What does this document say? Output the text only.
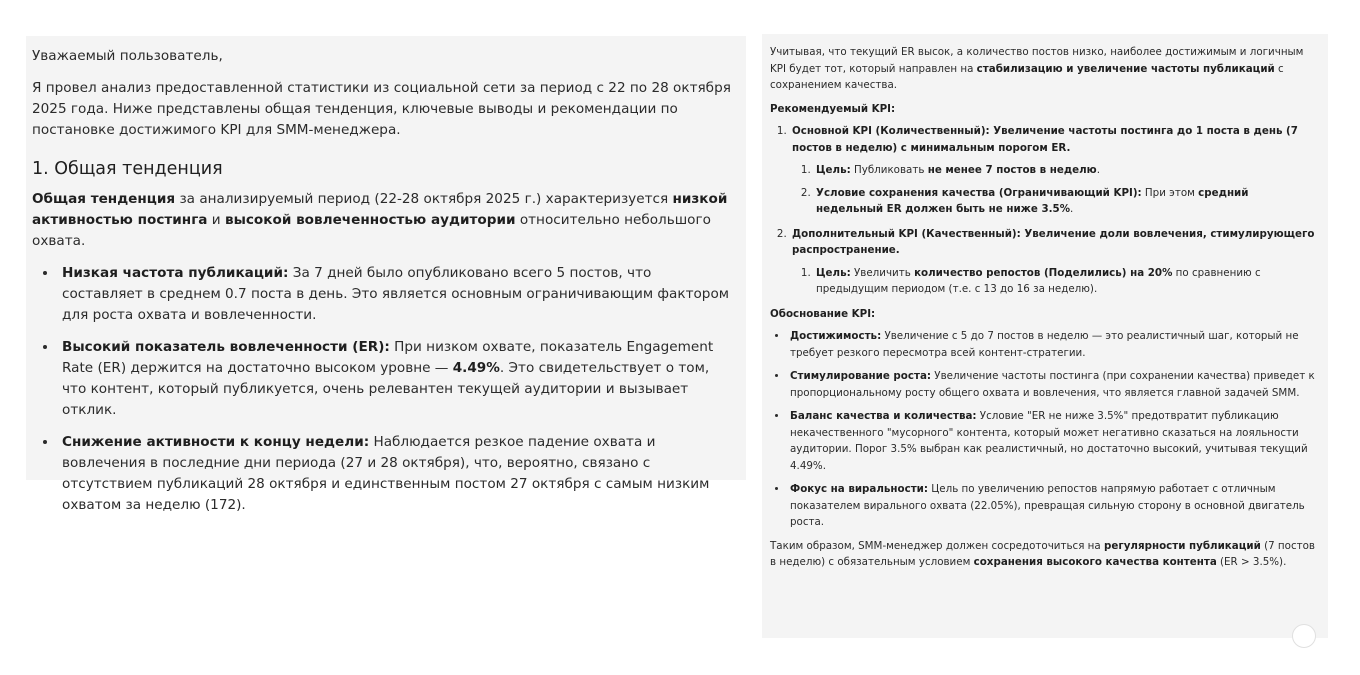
Уважаемый пользователь,

Я провел анализ предоставленной статистики из социальной сети за период с 22 по 28 октября 2025 года. Ниже представлены общая тенденция, ключевые выводы и рекомендации по постановке достижимого KPI для SMM-менеджера.

1. Общая тенденция

Общая тенденция за анализируемый период (22-28 октября 2025 г.) характеризуется низкой активностью постинга и высокой вовлеченностью аудитории относительно небольшого охвата.

• Низкая частота публикаций: За 7 дней было опубликовано всего 5 постов, что составляет в среднем 0.7 поста в день. Это является основным ограничивающим фактором для роста охвата и вовлеченности.
• Высокий показатель вовлеченности (ER): При низком охвате, показатель Engagement Rate (ER) держится на достаточно высоком уровне — 4.49%. Это свидетельствует о том, что контент, который публикуется, очень релевантен текущей аудитории и вызывает отклик.
• Снижение активности к концу недели: Наблюдается резкое падение охвата и вовлечения в последние дни периода (27 и 28 октября), что, вероятно, связано с отсутствием публикаций 28 октября и единственным постом 27 октября с самым низким охватом за неделю (172).

Учитывая, что текущий ER высок, а количество постов низко, наиболее достижимым и логичным KPI будет тот, который направлен на стабилизацию и увеличение частоты публикаций с сохранением качества.

Рекомендуемый KPI:

1. Основной KPI (Количественный): Увеличение частоты постинга до 1 поста в день (7 постов в неделю) с минимальным порогом ER.
1. Цель: Публиковать не менее 7 постов в неделю.
2. Условие сохранения качества (Ограничивающий KPI): При этом средний недельный ER должен быть не ниже 3.5%.
2. Дополнительный KPI (Качественный): Увеличение доли вовлечения, стимулирующего распространение.
1. Цель: Увеличить количество репостов (Поделились) на 20% по сравнению с предыдущим периодом (т.е. с 13 до 16 за неделю).

Обоснование KPI:

• Достижимость: Увеличение с 5 до 7 постов в неделю — это реалистичный шаг, который не требует резкого пересмотра всей контент-стратегии.
• Стимулирование роста: Увеличение частоты постинга (при сохранении качества) приведет к пропорциональному росту общего охвата и вовлечения, что является главной задачей SMM.
• Баланс качества и количества: Условие "ER не ниже 3.5%" предотвратит публикацию некачественного "мусорного" контента, который может негативно сказаться на лояльности аудитории. Порог 3.5% выбран как реалистичный, но достаточно высокий, учитывая текущий 4.49%.
• Фокус на виральности: Цель по увеличению репостов напрямую работает с отличным показателем вирального охвата (22.05%), превращая сильную сторону в основной двигатель роста.

Таким образом, SMM-менеджер должен сосредоточиться на регулярности публикаций (7 постов в неделю) с обязательным условием сохранения высокого качества контента (ER > 3.5%).
